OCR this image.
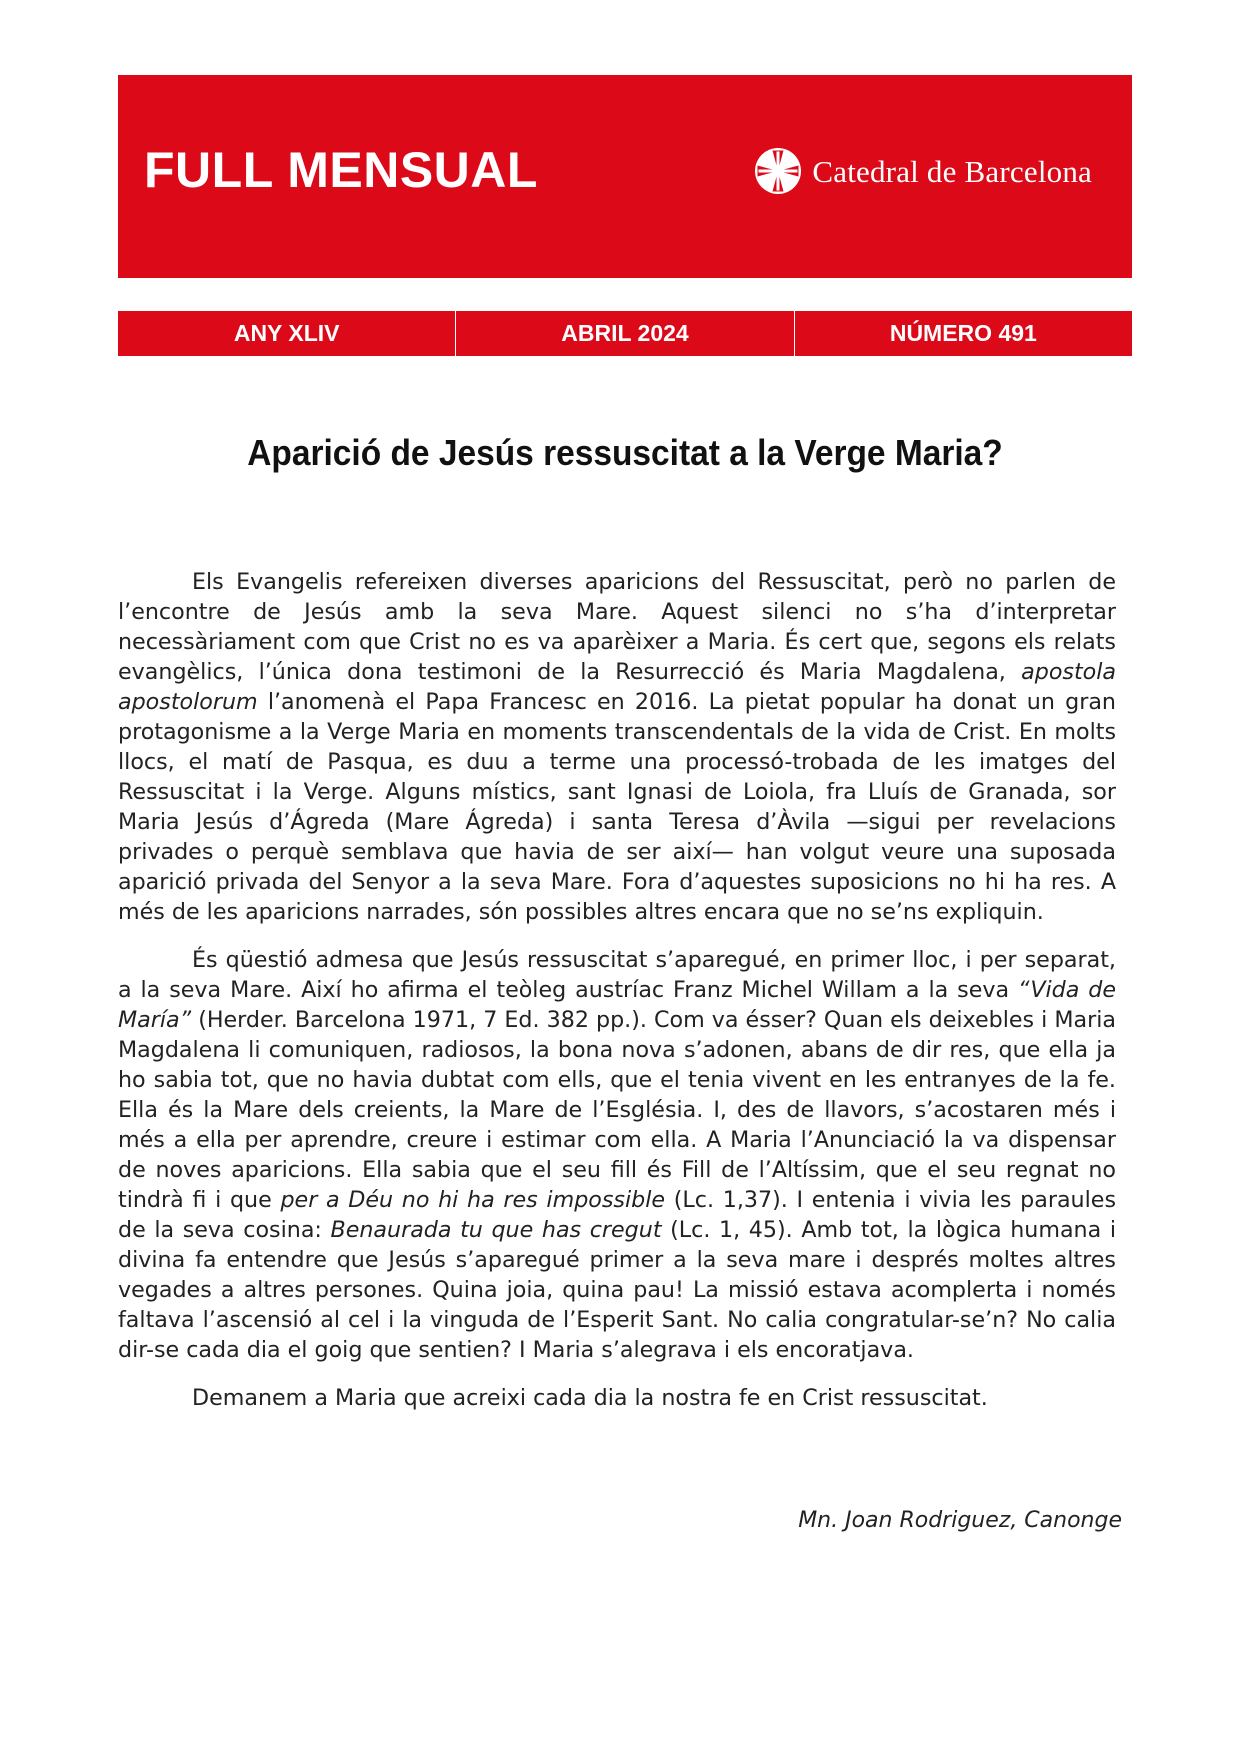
FULL MENSUAL	Catedral de Barcelona
ANY XLIV	ABRIL 2024	NÚMERO 491
Aparició de Jesús ressuscitat a la Verge Maria?

Els Evangelis refereixen diverses aparicions del Ressuscitat, però no parlen de l’encontre de Jesús amb la seva Mare. Aquest silenci no s’ha d’interpretar necessàriament com que Crist no es va aparèixer a Maria. És cert que, segons els relats evangèlics, l’única dona testimoni de la Resurrecció és Maria Magdalena, apostola apostolorum l’anomenà el Papa Francesc en 2016. La pietat popular ha donat un gran protagonisme a la Verge Maria en moments transcendentals de la vida de Crist. En molts llocs, el matí de Pasqua, es duu a terme una processó-trobada de les imatges del Ressuscitat i la Verge. Alguns místics, sant Ignasi de Loiola, fra Lluís de Granada, sor Maria Jesús d’Ágreda (Mare Ágreda) i santa Teresa d’Àvila —sigui per revelacions privades o perquè semblava que havia de ser així— han volgut veure una suposada aparició privada del Senyor a la seva Mare. Fora d’aquestes suposicions no hi ha res. A més de les aparicions narrades, són possibles altres encara que no se’ns expliquin.

És qüestió admesa que Jesús ressuscitat s’aparegué, en primer lloc, i per separat, a la seva Mare. Així ho afirma el teòleg austríac Franz Michel Willam a la seva “Vida de María” (Herder. Barcelona 1971, 7 Ed. 382 pp.). Com va ésser? Quan els deixebles i Maria Magdalena li comuniquen, radiosos, la bona nova s’adonen, abans de dir res, que ella ja ho sabia tot, que no havia dubtat com ells, que el tenia vivent en les entranyes de la fe. Ella és la Mare dels creients, la Mare de l’Església. I, des de llavors, s’acostaren més i més a ella per aprendre, creure i estimar com ella. A Maria l’Anunciació la va dispensar de noves aparicions. Ella sabia que el seu fill és Fill de l’Altíssim, que el seu regnat no tindrà fi i que per a Déu no hi ha res impossible (Lc. 1,37). I entenia i vivia les paraules de la seva cosina: Benaurada tu que has cregut (Lc. 1, 45). Amb tot, la lògica humana i divina fa entendre que Jesús s’aparegué primer a la seva mare i després moltes altres vegades a altres persones. Quina joia, quina pau! La missió estava acomplerta i només faltava l’ascensió al cel i la vinguda de l’Esperit Sant. No calia congratular-se’n? No calia dir-se cada dia el goig que sentien? I Maria s’alegrava i els encoratjava.

Demanem a Maria que acreixi cada dia la nostra fe en Crist ressuscitat.

Mn. Joan Rodriguez, Canonge
